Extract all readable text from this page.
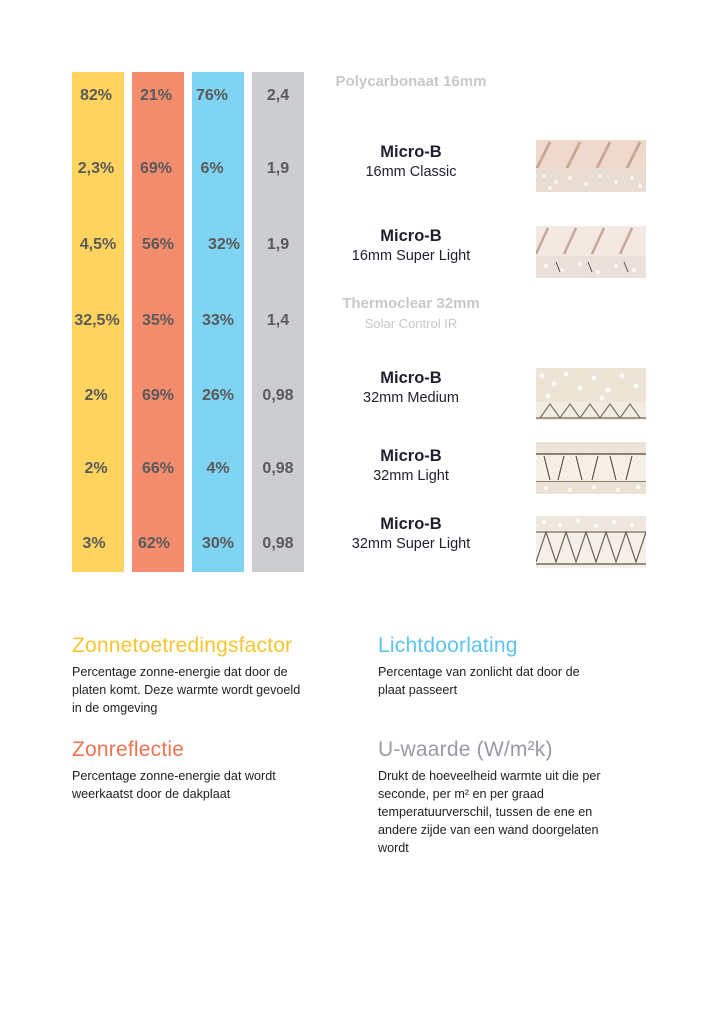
82%
2,3%
4,5%
32,5%
2%
2%
3%
21%
69%
56%
35%
69%
66%
62%
76%
6%
32%
33%
26%
4%
30%
2,4
1,9
1,9
1,4
0,98
0,98
0,98
Polycarbonaat 16mm
Micro-B
16mm Classic
Micro-B
16mm Super Light
Thermoclear 32mm
Solar Control IR
Micro-B
32mm Medium
Micro-B
32mm Light
Micro-B
32mm Super Light
Zonnetoetredingsfactor
Percentage zonne-energie dat door de
platen komt. Deze warmte wordt gevoeld
in de omgeving
Lichtdoorlating
Percentage van zonlicht dat door de
plaat passeert
Zonreflectie
Percentage zonne-energie dat wordt
weerkaatst door de dakplaat
U-waarde (W/m²k)
Drukt de hoeveelheid warmte uit die per
seconde, per m² en per graad
temperatuurverschil, tussen de ene en
andere zijde van een wand doorgelaten
wordt
